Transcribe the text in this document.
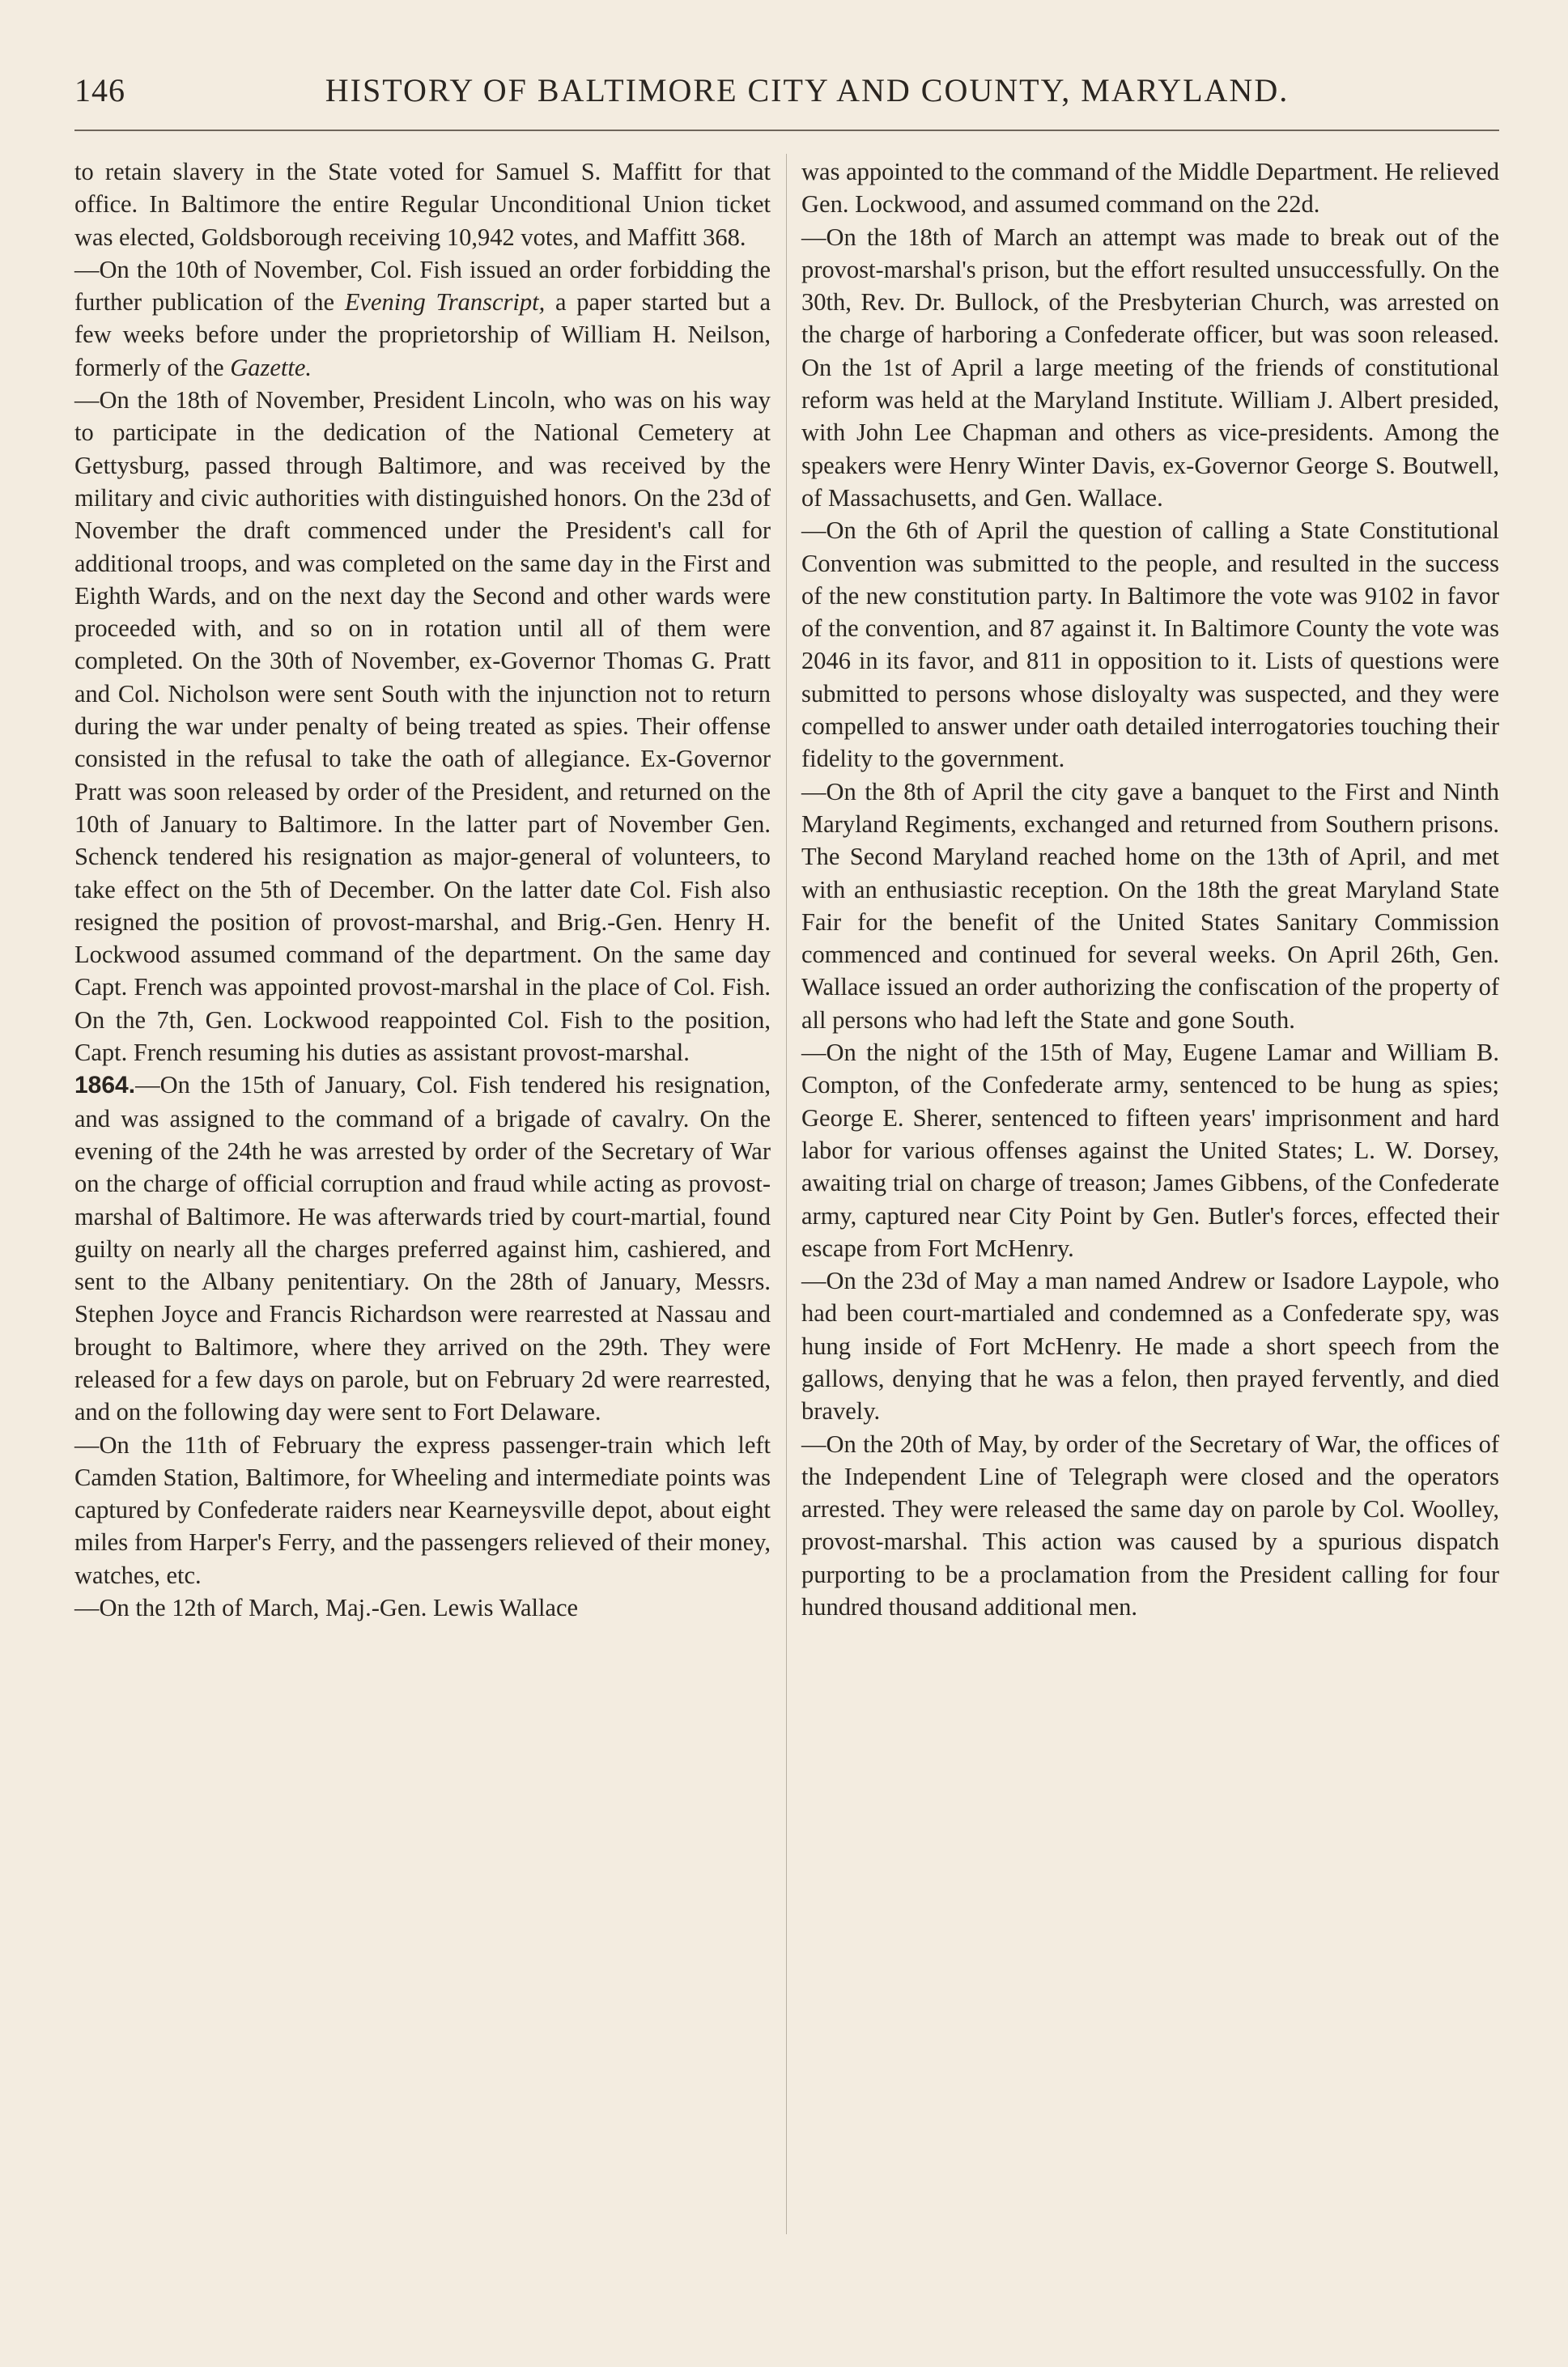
146	HISTORY OF BALTIMORE CITY AND COUNTY, MARYLAND.

to retain slavery in the State voted for Samuel S. Maffitt for that office. In Baltimore the entire Regular Unconditional Union ticket was elected, Goldsborough receiving 10,942 votes, and Maffitt 368.

—On the 10th of November, Col. Fish issued an order forbidding the further publication of the Evening Transcript, a paper started but a few weeks before under the proprietorship of William H. Neilson, formerly of the Gazette.

—On the 18th of November, President Lincoln, who was on his way to participate in the dedication of the National Cemetery at Gettysburg, passed through Baltimore, and was received by the military and civic authorities with distinguished honors. On the 23d of November the draft commenced under the President's call for additional troops, and was completed on the same day in the First and Eighth Wards, and on the next day the Second and other wards were proceeded with, and so on in rotation until all of them were completed. On the 30th of November, ex-Governor Thomas G. Pratt and Col. Nicholson were sent South with the injunction not to return during the war under penalty of being treated as spies. Their offense consisted in the refusal to take the oath of allegiance. Ex-Governor Pratt was soon released by order of the President, and returned on the 10th of January to Baltimore. In the latter part of November Gen. Schenck tendered his resignation as major-general of volunteers, to take effect on the 5th of December. On the latter date Col. Fish also resigned the position of provost-marshal, and Brig.-Gen. Henry H. Lockwood assumed command of the department. On the same day Capt. French was appointed provost-marshal in the place of Col. Fish. On the 7th, Gen. Lockwood reappointed Col. Fish to the position, Capt. French resuming his duties as assistant provost-marshal.

1864.—On the 15th of January, Col. Fish tendered his resignation, and was assigned to the command of a brigade of cavalry. On the evening of the 24th he was arrested by order of the Secretary of War on the charge of official corruption and fraud while acting as provost-marshal of Baltimore. He was afterwards tried by court-martial, found guilty on nearly all the charges preferred against him, cashiered, and sent to the Albany penitentiary. On the 28th of January, Messrs. Stephen Joyce and Francis Richardson were rearrested at Nassau and brought to Baltimore, where they arrived on the 29th. They were released for a few days on parole, but on February 2d were rearrested, and on the following day were sent to Fort Delaware.

—On the 11th of February the express passenger-train which left Camden Station, Baltimore, for Wheeling and intermediate points was captured by Confederate raiders near Kearneysville depot, about eight miles from Harper's Ferry, and the passengers relieved of their money, watches, etc.

—On the 12th of March, Maj.-Gen. Lewis Wallace

was appointed to the command of the Middle Department. He relieved Gen. Lockwood, and assumed command on the 22d.

—On the 18th of March an attempt was made to break out of the provost-marshal's prison, but the effort resulted unsuccessfully. On the 30th, Rev. Dr. Bullock, of the Presbyterian Church, was arrested on the charge of harboring a Confederate officer, but was soon released. On the 1st of April a large meeting of the friends of constitutional reform was held at the Maryland Institute. William J. Albert presided, with John Lee Chapman and others as vice-presidents. Among the speakers were Henry Winter Davis, ex-Governor George S. Boutwell, of Massachusetts, and Gen. Wallace.

—On the 6th of April the question of calling a State Constitutional Convention was submitted to the people, and resulted in the success of the new constitution party. In Baltimore the vote was 9102 in favor of the convention, and 87 against it. In Baltimore County the vote was 2046 in its favor, and 811 in opposition to it. Lists of questions were submitted to persons whose disloyalty was suspected, and they were compelled to answer under oath detailed interrogatories touching their fidelity to the government.

—On the 8th of April the city gave a banquet to the First and Ninth Maryland Regiments, exchanged and returned from Southern prisons. The Second Maryland reached home on the 13th of April, and met with an enthusiastic reception. On the 18th the great Maryland State Fair for the benefit of the United States Sanitary Commission commenced and continued for several weeks. On April 26th, Gen. Wallace issued an order authorizing the confiscation of the property of all persons who had left the State and gone South.

—On the night of the 15th of May, Eugene Lamar and William B. Compton, of the Confederate army, sentenced to be hung as spies; George E. Sherer, sentenced to fifteen years' imprisonment and hard labor for various offenses against the United States; L. W. Dorsey, awaiting trial on charge of treason; James Gibbens, of the Confederate army, captured near City Point by Gen. Butler's forces, effected their escape from Fort McHenry.

—On the 23d of May a man named Andrew or Isadore Laypole, who had been court-martialed and condemned as a Confederate spy, was hung inside of Fort McHenry. He made a short speech from the gallows, denying that he was a felon, then prayed fervently, and died bravely.

—On the 20th of May, by order of the Secretary of War, the offices of the Independent Line of Telegraph were closed and the operators arrested. They were released the same day on parole by Col. Woolley, provost-marshal. This action was caused by a spurious dispatch purporting to be a proclamation from the President calling for four hundred thousand additional men.
